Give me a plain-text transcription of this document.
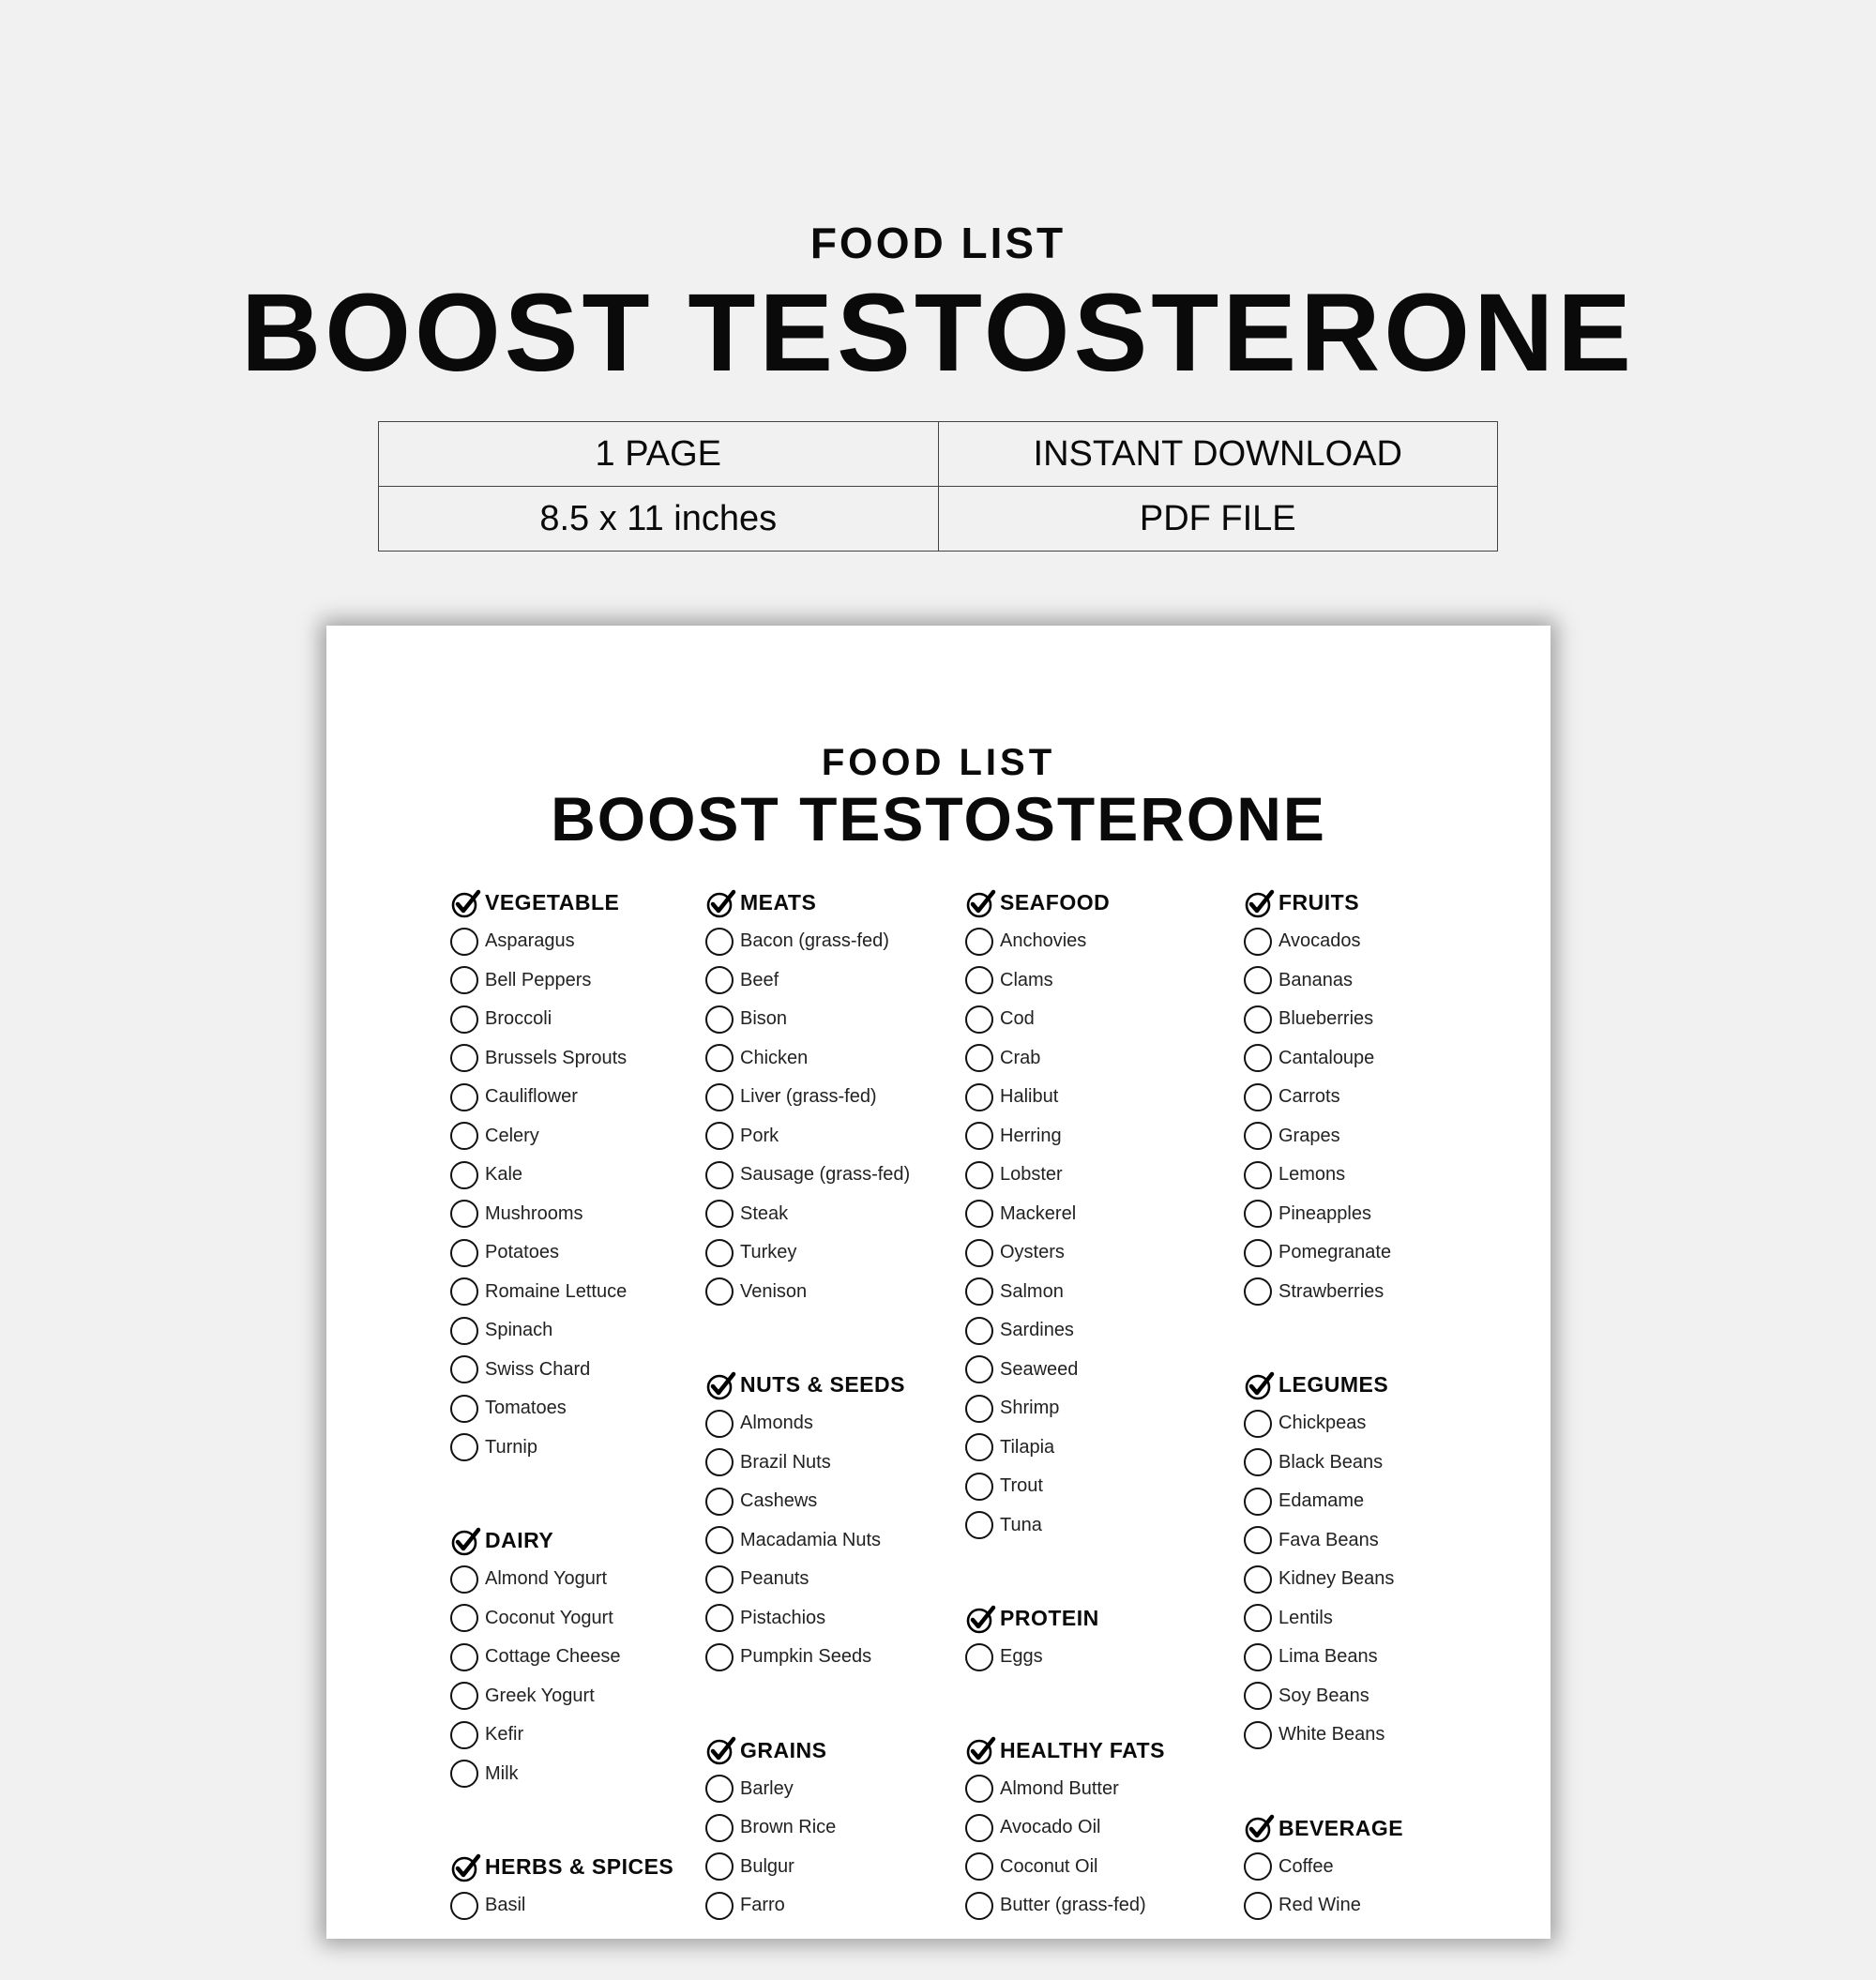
FOOD LIST
BOOST TESTOSTERONE
1 PAGE	INSTANT DOWNLOAD
8.5 x 11 inches	PDF FILE
FOOD LIST
BOOST TESTOSTERONE
VEGETABLE
Asparagus
Bell Peppers
Broccoli
Brussels Sprouts
Cauliflower
Celery
Kale
Mushrooms
Potatoes
Romaine Lettuce
Spinach
Swiss Chard
Tomatoes
Turnip
DAIRY
Almond Yogurt
Coconut Yogurt
Cottage Cheese
Greek Yogurt
Kefir
Milk
HERBS & SPICES
Basil
MEATS
Bacon (grass-fed)
Beef
Bison
Chicken
Liver (grass-fed)
Pork
Sausage (grass-fed)
Steak
Turkey
Venison
NUTS & SEEDS
Almonds
Brazil Nuts
Cashews
Macadamia Nuts
Peanuts
Pistachios
Pumpkin Seeds
GRAINS
Barley
Brown Rice
Bulgur
Farro
SEAFOOD
Anchovies
Clams
Cod
Crab
Halibut
Herring
Lobster
Mackerel
Oysters
Salmon
Sardines
Seaweed
Shrimp
Tilapia
Trout
Tuna
PROTEIN
Eggs
HEALTHY FATS
Almond Butter
Avocado Oil
Coconut Oil
Butter (grass-fed)
FRUITS
Avocados
Bananas
Blueberries
Cantaloupe
Carrots
Grapes
Lemons
Pineapples
Pomegranate
Strawberries
LEGUMES
Chickpeas
Black Beans
Edamame
Fava Beans
Kidney Beans
Lentils
Lima Beans
Soy Beans
White Beans
BEVERAGE
Coffee
Red Wine
